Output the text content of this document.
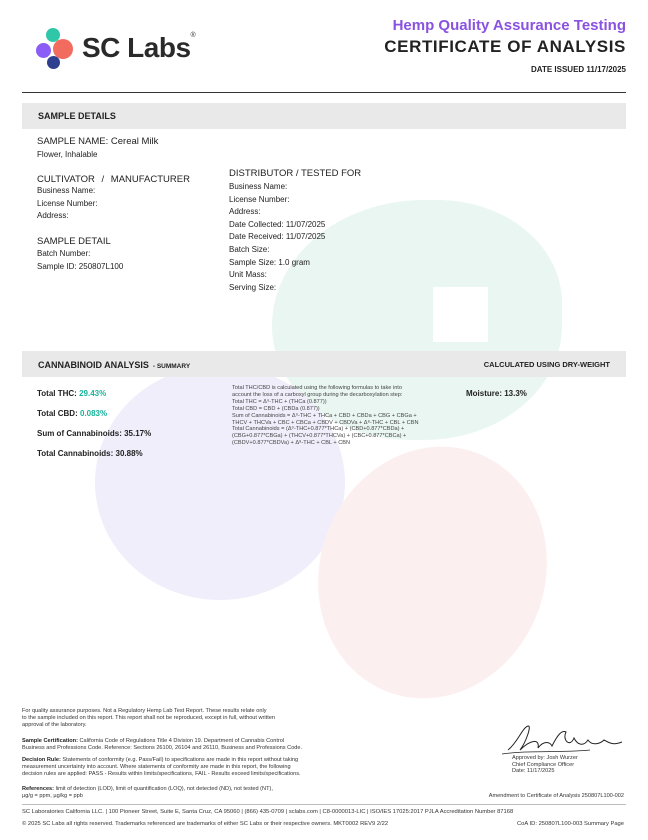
SC Labs®
Hemp Quality Assurance Testing
CERTIFICATE OF ANALYSIS
DATE ISSUED 11/17/2025
SAMPLE DETAILS
SAMPLE NAME: Cereal Milk
Flower, Inhalable
CULTIVATOR / MANUFACTURER
Business Name:
License Number:
Address:
SAMPLE DETAIL
Batch Number:
Sample ID: 250807L100
DISTRIBUTOR / TESTED FOR
Business Name:
License Number:
Address:
Date Collected: 11/07/2025
Date Received: 11/07/2025
Batch Size:
Sample Size: 1.0 gram
Unit Mass:
Serving Size:
CANNABINOID ANALYSIS - SUMMARY	CALCULATED USING DRY-WEIGHT
Total THC: 29.43%
Total CBD: 0.083%
Sum of Cannabinoids: 35.17%
Total Cannabinoids: 30.88%
Total THC/CBD is calculated using the following formulas to take into
account the loss of a carboxyl group during the decarboxylation step:
Total THC = Δ⁹-THC + (THCa (0.877))
Total CBD = CBD + (CBDa (0.877))
Sum of Cannabinoids = Δ⁹-THC + THCa + CBD + CBDa + CBG + CBGa +
THCV + THCVa + CBC + CBCa + CBDV + CBDVa + Δ⁸-THC + CBL + CBN
Total Cannabinoids = (Δ⁹-THC+0.877*THCa) + (CBD+0.877*CBDa) +
(CBG+0.877*CBGa) + (THCV+0.877*THCVa) + (CBC+0.877*CBCa) +
(CBDV+0.877*CBDVa) + Δ⁸-THC + CBL + CBN
Moisture: 13.3%
For quality assurance purposes. Not a Regulatory Hemp Lab Test Report. These results relate only
to the sample included on this report. This report shall not be reproduced, except in full, without written
approval of the laboratory.
Sample Certification: California Code of Regulations Title 4 Division 19. Department of Cannabis Control
Business and Professions Code. Reference: Sections 26100, 26104 and 26110, Business and Professions Code.
Decision Rule: Statements of conformity (e.g. Pass/Fail) to specifications are made in this report without taking
measurement uncertainty into account. Where statements of conformity are made in this report, the following
decision rules are applied: PASS - Results within limits/specifications, FAIL - Results exceed limits/specifications.
References: limit of detection (LOD), limit of quantification (LOQ), not detected (ND), not tested (NT),
µg/g = ppm, µg/kg = ppb
Approved by: Josh Wurzer
Chief Compliance Officer
Date: 11/17/2025
Amendment to Certificate of Analysis 250807L100-002
SC Laboratories California LLC. | 100 Pioneer Street, Suite E, Santa Cruz, CA 95060 | (866) 435-0709 | sclabs.com | C8-0000013-LIC | ISO/IES 17025:2017 PJLA Accreditation Number 87168
© 2025 SC Labs all rights reserved. Trademarks referenced are trademarks of either SC Labs or their respective owners. MKT0002 REV9 2/22	CoA ID: 250807L100-003 Summary Page
